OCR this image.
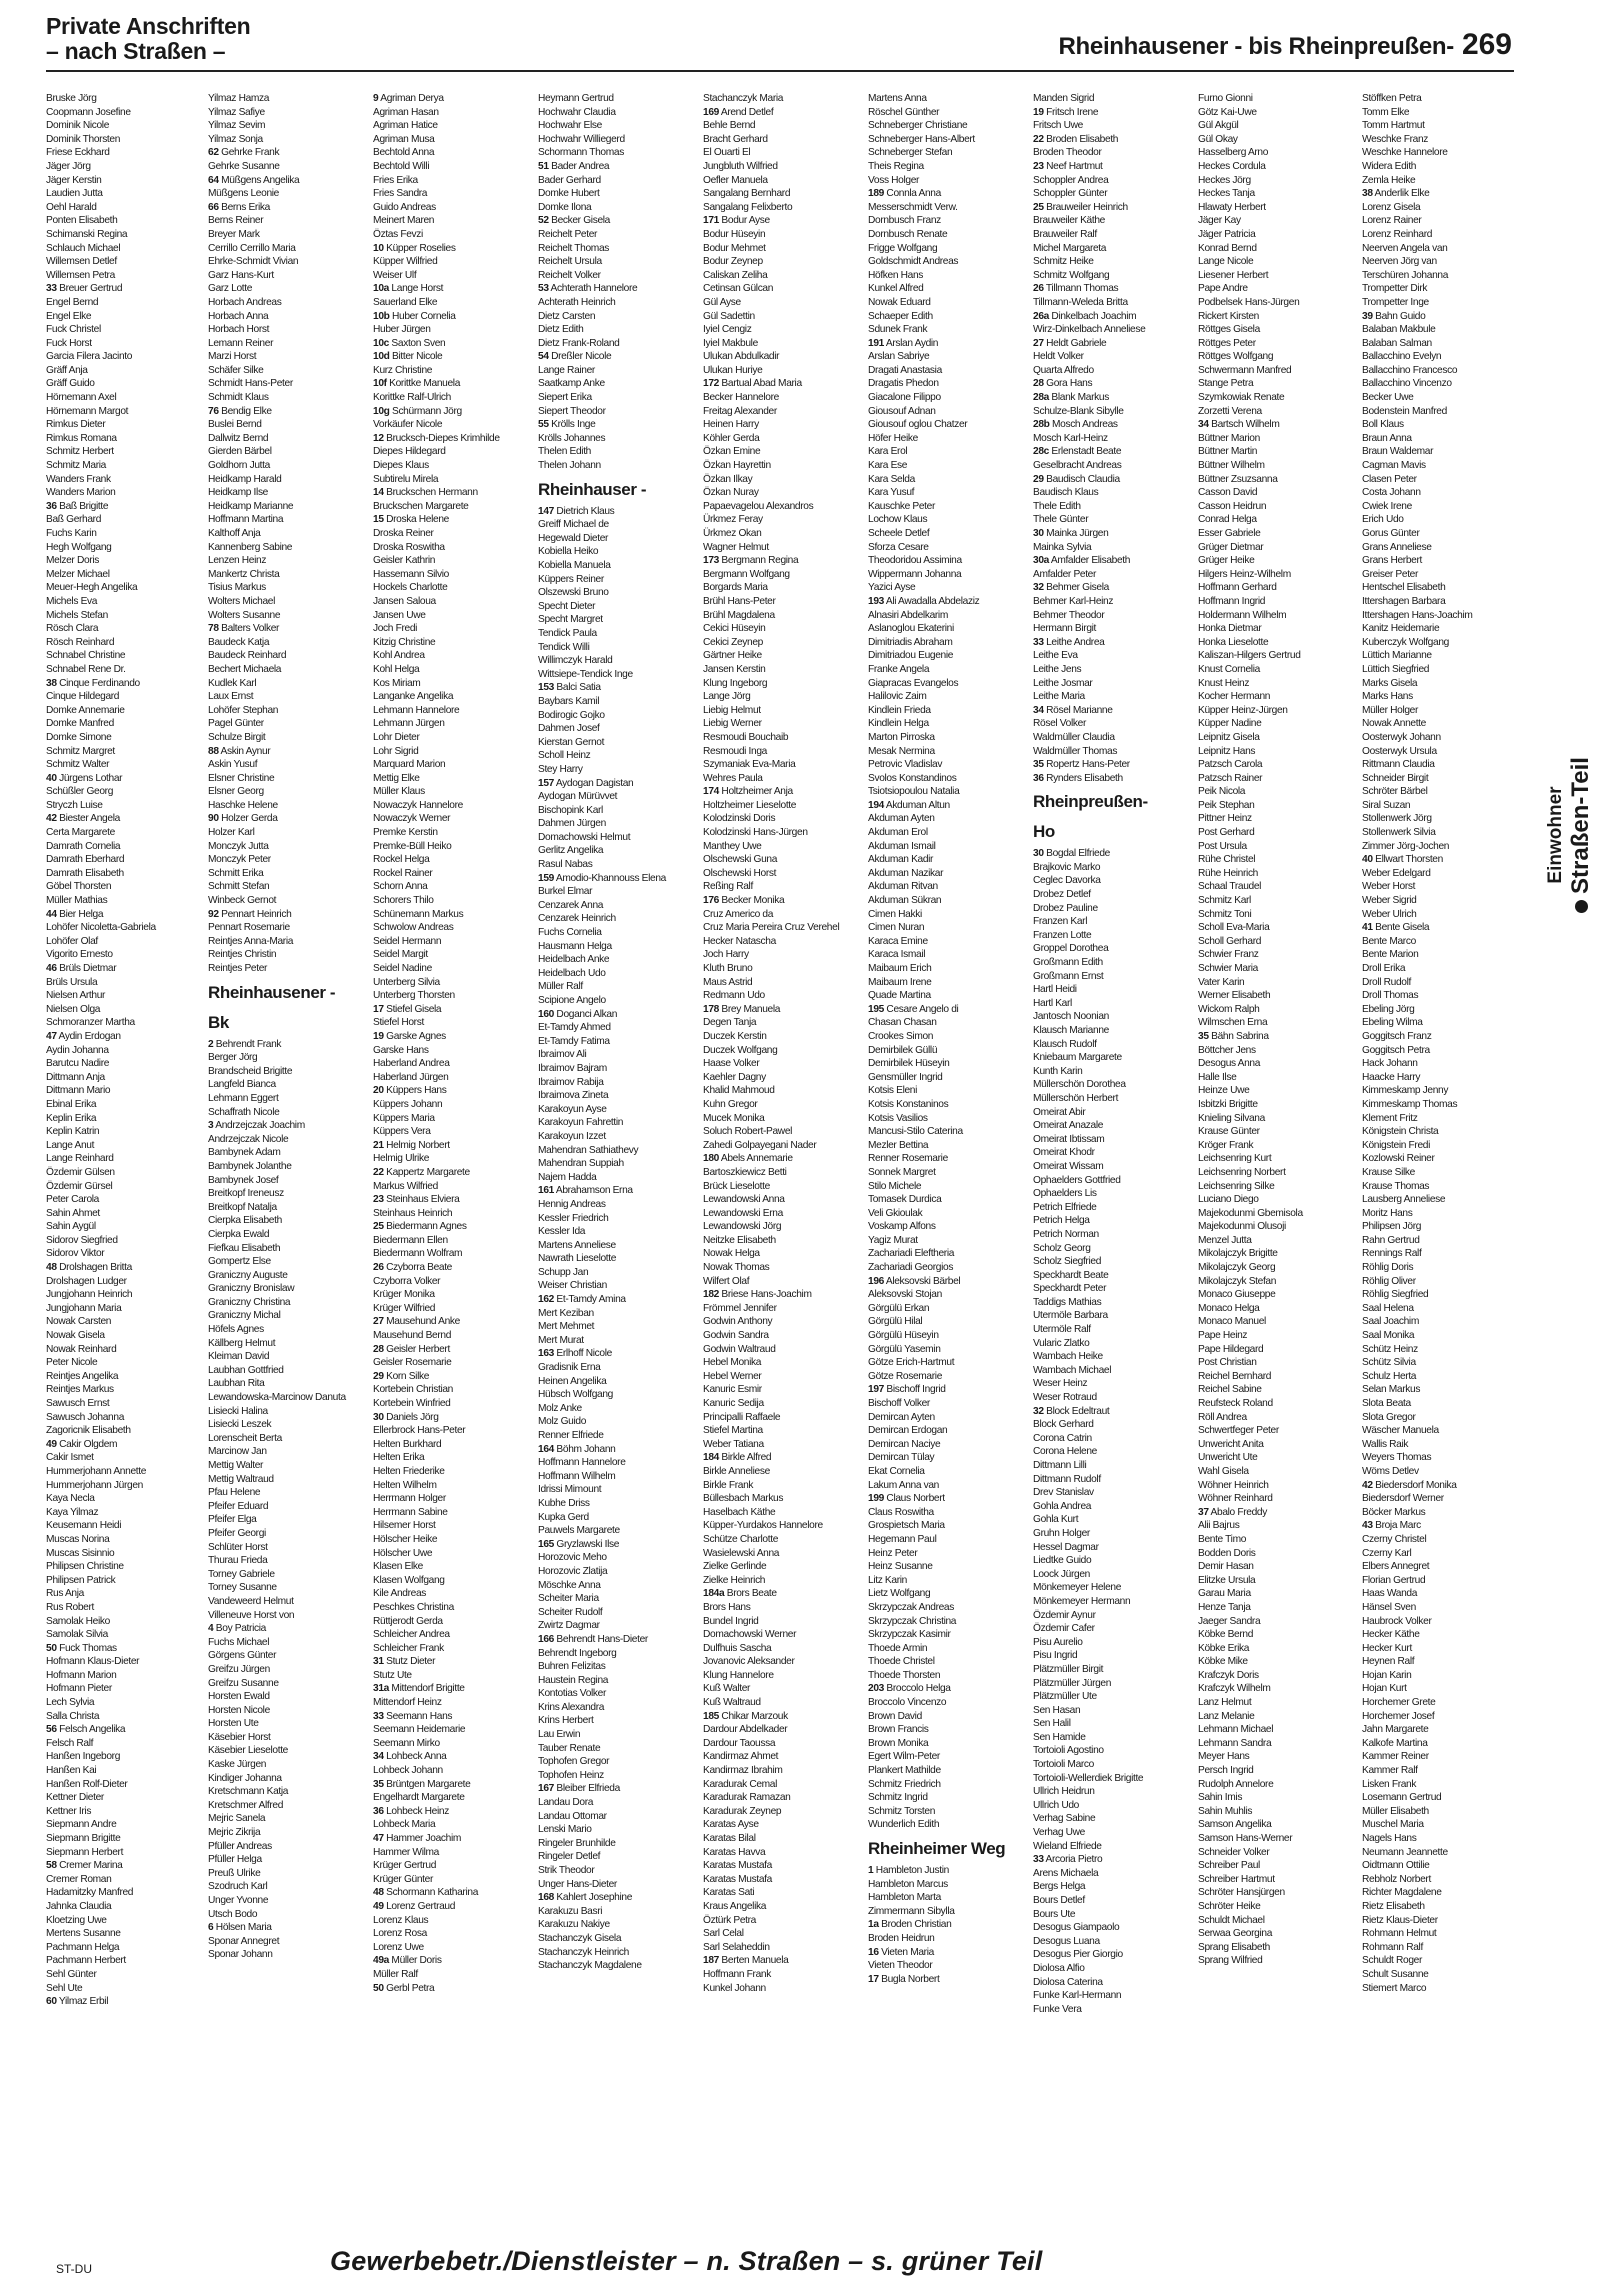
Private Anschriften
– nach Straßen –	Rheinhausener - bis Rheinpreußen- 269
Bruske Jörg
Coopmann Josefine
Dominik Nicole
Dominik Thorsten
Friese Eckhard
Jäger Jörg
Jäger Kerstin
Laudien Jutta
Oehl Harald
Ponten Elisabeth
Schimanski Regina
Schlauch Michael
Willemsen Detlef
Willemsen Petra
33 Breuer Gertrud
Engel Bernd
Engel Elke
Fuck Christel
Fuck Horst
Garcia Filera Jacinto
Gräff Anja
Gräff Guido
Hörnemann Axel
Hörnemann Margot
Rimkus Dieter
Rimkus Romana
Schmitz Herbert
Schmitz Maria
Wanders Frank
Wanders Marion
36 Baß Brigitte
Baß Gerhard
Fuchs Karin
Hegh Wolfgang
Melzer Doris
Melzer Michael
Meuer-Hegh Angelika
Michels Eva
Michels Stefan
Rösch Clara
Rösch Reinhard
Schnabel Christine
Schnabel Rene Dr.
38 Cinque Ferdinando
Cinque Hildegard
Domke Annemarie
Domke Manfred
Domke Simone
Schmitz Margret
Schmitz Walter
40 Jürgens Lothar
Schüßler Georg
Stryczh Luise
42 Biester Angela
Certa Margarete
Damrath Cornelia
Damrath Eberhard
Damrath Elisabeth
Göbel Thorsten
Müller Mathias
44 Bier Helga
Lohöfer Nicoletta-Gabriela
Lohöfer Olaf
Vigorito Ernesto
46 Brüls Dietmar
Brüls Ursula
Nielsen Arthur
Nielsen Olga
Schmoranzer Martha
47 Aydin Erdogan
Aydin Johanna
Barutcu Nadire
Dittmann Anja
Dittmann Mario
Ebinal Erika
Keplin Erika
Keplin Katrin
Lange Anut
Lange Reinhard
Özdemir Gülsen
Özdemir Gürsel
Peter Carola
Sahin Ahmet
Sahin Aygül
Sidorov Siegfried
Sidorov Viktor
48 Drolshagen Britta
Drolshagen Ludger
Jungjohann Heinrich
Jungjohann Maria
Nowak Carsten
Nowak Gisela
Nowak Reinhard
Peter Nicole
Reintjes Angelika
Reintjes Markus
Sawusch Ernst
Sawusch Johanna
Zagoricnik Elisabeth
49 Cakir Olgdem
Cakir Ismet
Hummerjohann Annette
Hummerjohann Jürgen
Kaya Necla
Kaya Yilmaz
Keusemann Heidi
Muscas Norina
Muscas Sisinnio
Philipsen Christine
Philipsen Patrick
Rus Anja
Rus Robert
Samolak Heiko
Samolak Silvia
50 Fuck Thomas
Hofmann Klaus-Dieter
Hofmann Marion
Hofmann Pieter
Lech Sylvia
Salla Christa
56 Felsch Angelika
Felsch Ralf
Hanßen Ingeborg
Hanßen Kai
Hanßen Rolf-Dieter
Kettner Dieter
Kettner Iris
Siepmann Andre
Siepmann Brigitte
Siepmann Herbert
58 Cremer Marina
Cremer Roman
Hadamitzky Manfred
Jahnka Claudia
Kloetzing Uwe
Mertens Susanne
Pachmann Helga
Pachmann Herbert
Sehl Günter
Sehl Ute
60 Yilmaz Erbil
Yilmaz Hamza
Yilmaz Safiye
Yilmaz Sevim
Yilmaz Sonja
62 Gehrke Frank
Gehrke Susanne
64 Müßgens Angelika
Müßgens Leonie
66 Berns Erika
Berns Reiner
Breyer Mark
Cerrillo Cerrillo Maria
Ehrke-Schmidt Vivian
Garz Hans-Kurt
Garz Lotte
Horbach Andreas
Horbach Anna
Horbach Horst
Lemann Reiner
Marzi Horst
Schäfer Silke
Schmidt Hans-Peter
Schmidt Klaus
76 Bendig Elke
Buslei Bernd
Dallwitz Bernd
Gierden Bärbel
Goldhorn Jutta
Heidkamp Harald
Heidkamp Ilse
Heidkamp Marianne
Hoffmann Martina
Kalthoff Anja
Kannenberg Sabine
Lenzen Heinz
Mankertz Christa
Tisius Markus
Wolters Michael
Wolters Susanne
78 Balters Volker
Baudeck Katja
Baudeck Reinhard
Bechert Michaela
Kudlek Karl
Laux Ernst
Lohöfer Stephan
Pagel Günter
Schulze Birgit
88 Askin Aynur
Askin Yusuf
Elsner Christine
Elsner Georg
Haschke Helene
90 Holzer Gerda
Holzer Karl
Monczyk Jutta
Monczyk Peter
Schmitt Erika
Schmitt Stefan
Winbeck Gernot
92 Pennart Heinrich
Pennart Rosemarie
Reintjes Anna-Maria
Reintjes Christin
Reintjes Peter
Rheinhausener -
Bk
2 Behrendt Frank
Berger Jörg
Brandscheid Brigitte
Langfeld Bianca
Lehmann Eggert
Schaffrath Nicole
3 Andrzejczak Joachim
Andrzejczak Nicole
Bambynek Adam
Bambynek Jolanthe
Bambynek Josef
Breitkopf Ireneusz
Breitkopf Natalja
Cierpka Elisabeth
Cierpka Ewald
Fiefkau Elisabeth
Gompertz Else
Graniczny Auguste
Graniczny Bronislaw
Graniczny Christina
Graniczny Michal
Höfels Agnes
Källberg Helmut
Kleiman David
Laubhan Gottfried
Laubhan Rita
Lewandowska-Marcinow Danuta
Lisiecki Halina
Lisiecki Leszek
Lorenscheit Berta
Marcinow Jan
Mettig Walter
Mettig Waltraud
Pfau Helene
Pfeifer Eduard
Pfeifer Elga
Pfeifer Georgi
Schlüter Horst
Thurau Frieda
Torney Gabriele
Torney Susanne
Vandeweerd Helmut
Villeneuve Horst von
4 Boy Patricia
Fuchs Michael
Görgens Günter
Greifzu Jürgen
Greifzu Susanne
Horsten Ewald
Horsten Nicole
Horsten Ute
Käsebier Horst
Käsebier Lieselotte
Kaske Jürgen
Kindiger Johanna
Kretschmann Katja
Kretschmer Alfred
Mejric Sanela
Mejric Zikrija
Pfüller Andreas
Pfüller Helga
Preuß Ulrike
Szodruch Karl
Unger Yvonne
Utsch Bodo
6 Hölsen Maria
Sponar Annegret
Sponar Johann
9 Agriman Derya
Agriman Hasan
Agriman Hatice
Agriman Musa
Bechtold Anna
Bechtold Willi
Fries Erika
Fries Sandra
Guido Andreas
Meinert Maren
Öztas Fevzi
10 Küpper Roselies
Küpper Wilfried
Weiser Ulf
10a Lange Horst
Sauerland Elke
10b Huber Cornelia
Huber Jürgen
10c Saxton Sven
10d Bitter Nicole
Kurz Christine
10f Korittke Manuela
Korittke Ralf-Ulrich
10g Schürmann Jörg
Vorkäufer Nicole
12 Brucksch-Diepes Krimhilde
Diepes Hildegard
Diepes Klaus
Subtirelu Mirela
14 Bruckschen Hermann
Bruckschen Margarete
15 Droska Helene
Droska Reiner
Droska Roswitha
Geisler Kathrin
Hassemann Silvio
Hockels Charlotte
Jansen Saloua
Jansen Uwe
Joch Fredi
Kitzig Christine
Kohl Andrea
Kohl Helga
Kos Miriam
Langanke Angelika
Lehmann Hannelore
Lehmann Jürgen
Lohr Dieter
Lohr Sigrid
Marquard Marion
Mettig Elke
Müller Klaus
Nowaczyk Hannelore
Nowaczyk Werner
Premke Kerstin
Premke-Büll Heiko
Rockel Helga
Rockel Rainer
Schorn Anna
Schorers Thilo
Schünemann Markus
Schwolow Andreas
Seidel Hermann
Seidel Margit
Seidel Nadine
Unterberg Silvia
Unterberg Thorsten
17 Stiefel Gisela
Stiefel Horst
19 Garske Agnes
Garske Hans
Haberland Andrea
Haberland Jürgen
20 Küppers Hans
Küppers Johann
Küppers Maria
Küppers Vera
21 Helmig Norbert
Helmig Ulrike
22 Kappertz Margarete
Markus Wilfried
23 Steinhaus Elviera
Steinhaus Heinrich
25 Biedermann Agnes
Biedermann Ellen
Biedermann Wolfram
26 Czyborra Beate
Czyborra Volker
Krüger Monika
Krüger Wilfried
27 Mausehund Anke
Mausehund Bernd
28 Geisler Herbert
Geisler Rosemarie
29 Korn Silke
Kortebein Christian
Kortebein Winfried
30 Daniels Jörg
Ellerbrock Hans-Peter
Helten Burkhard
Helten Erika
Helten Friederike
Helten Wilhelm
Herrmann Holger
Herrmann Sabine
Hilsemer Horst
Hölscher Heike
Hölscher Uwe
Klasen Elke
Klasen Wolfgang
Kile Andreas
Peschkes Christina
Rüttjerodt Gerda
Schleicher Andrea
Schleicher Frank
31 Stutz Dieter
Stutz Ute
31a Mittendorf Brigitte
Mittendorf Heinz
33 Seemann Hans
Seemann Heidemarie
Seemann Mirko
34 Lohbeck Anna
Lohbeck Johann
35 Brüntgen Margarete
Engelhardt Margarete
36 Lohbeck Heinz
Lohbeck Maria
47 Hammer Joachim
Hammer Wilma
Krüger Gertrud
Krüger Günter
48 Schormann Katharina
49 Lorenz Gertraud
Lorenz Klaus
Lorenz Rosa
Lorenz Uwe
49a Müller Doris
Müller Ralf
50 Gerbl Petra
Heymann Gertrud
Hochwahr Claudia
Hochwahr Else
Hochwahr Williegerd
Schormann Thomas
51 Bader Andrea
Bader Gerhard
Domke Hubert
Domke Ilona
52 Becker Gisela
Reichelt Peter
Reichelt Thomas
Reichelt Ursula
Reichelt Volker
53 Achterath Hannelore
Achterath Heinrich
Dietz Carsten
Dietz Edith
Dietz Frank-Roland
54 Dreßler Nicole
Lange Rainer
Saatkamp Anke
Siepert Erika
Siepert Theodor
55 Krölls Inge
Krölls Johannes
Thelen Edith
Thelen Johann
Rheinhauser -
147 Dietrich Klaus
Greiff Michael de
Hegewald Dieter
Kobiella Heiko
Kobiella Manuela
Küppers Reiner
Olszewski Bruno
Specht Dieter
Specht Margret
Tendick Paula
Tendick Willi
Willimczyk Harald
Wittsiepe-Tendick Inge
153 Balci Satia
Baybars Kamil
Bodirogic Gojko
Dahmen Josef
Kierstan Gernot
Scholl Heinz
Stey Harry
157 Aydogan Dagistan
Aydogan Mürüvvet
Bischopink Karl
Dahmen Jürgen
Domachowski Helmut
Gerlitz Angelika
Rasul Nabas
159 Amodio-Khannouss Elena
Burkel Elmar
Cenzarek Anna
Cenzarek Heinrich
Fuchs Cornelia
Hausmann Helga
Heidelbach Anke
Heidelbach Udo
Müller Ralf
Scipione Angelo
160 Doganci Alkan
Et-Tamdy Ahmed
Et-Tamdy Fatima
Ibraimov Ali
Ibraimov Bajram
Ibraimov Rabija
Ibraimova Zineta
Karakoyun Ayse
Karakoyun Fahrettin
Karakoyun Izzet
Mahendran Sathiathevy
Mahendran Suppiah
Najem Hadda
161 Abrahamson Erna
Hennig Andreas
Kessler Friedrich
Kessler Ida
Martens Anneliese
Nawrath Lieselotte
Schupp Jan
Weiser Christian
162 Et-Tamdy Amina
Mert Keziban
Mert Mehmet
Mert Murat
163 Erlhoff Nicole
Gradisnik Erna
Heinen Angelika
Hübsch Wolfgang
Molz Anke
Molz Guido
Renner Elfriede
164 Böhm Johann
Hoffmann Hannelore
Hoffmann Wilhelm
Idrissi Mimount
Kubhe Driss
Kupka Gerd
Pauwels Margarete
165 Gryzlawski Ilse
Horozovic Meho
Horozovic Zlatija
Möschke Anna
Scheiter Maria
Scheiter Rudolf
Zwirtz Dagmar
166 Behrendt Hans-Dieter
Behrendt Ingeborg
Buhren Felizitas
Haustein Regina
Kontotias Volker
Krins Alexandra
Krins Herbert
Lau Erwin
Tauber Renate
Tophofen Gregor
Tophofen Heinz
167 Bleiber Elfrieda
Landau Dora
Landau Ottomar
Lenski Mario
Ringeler Brunhilde
Ringeler Detlef
Strik Theodor
Unger Hans-Dieter
168 Kahlert Josephine
Karakuzu Basri
Karakuzu Nakiye
Stachanczyk Gisela
Stachanczyk Heinrich
Stachanczyk Magdalene
Stachanczyk Maria
169 Arend Detlef
Behle Bernd
Bracht Gerhard
El Ouarti El
Jungbluth Wilfried
Oefler Manuela
Sangalang Bernhard
Sangalang Felixberto
171 Bodur Ayse
Bodur Hüseyin
Bodur Mehmet
Bodur Zeynep
Caliskan Zeliha
Cetinsan Gülcan
Gül Ayse
Gül Sadettin
Iyiel Cengiz
Iyiel Makbule
Ulukan Abdulkadir
Ulukan Huriye
172 Bartual Abad Maria
Becker Hannelore
Freitag Alexander
Heinen Harry
Köhler Gerda
Özkan Emine
Özkan Hayrettin
Özkan Ilkay
Özkan Nuray
Papaevagelou Alexandros
Ürkmez Feray
Ürkmez Okan
Wagner Helmut
173 Bergmann Regina
Bergmann Wolfgang
Borgards Maria
Brühl Hans-Peter
Brühl Magdalena
Cekici Hüseyin
Cekici Zeynep
Gärtner Heike
Jansen Kerstin
Klung Ingeborg
Lange Jörg
Liebig Helmut
Liebig Werner
Resmoudi Bouchaib
Resmoudi Inga
Szymaniak Eva-Maria
Wehres Paula
174 Holtzheimer Anja
Holtzheimer Lieselotte
Kolodzinski Doris
Kolodzinski Hans-Jürgen
Manthey Uwe
Olschewski Guna
Olschewski Horst
Reßing Ralf
176 Becker Monika
Cruz Americo da
Cruz Maria Pereira Cruz Verehel
Hecker Natascha
Joch Harry
Kluth Bruno
Maus Astrid
Redmann Udo
178 Brey Manuela
Degen Tanja
Duczek Kerstin
Duczek Wolfgang
Haase Volker
Kaehler Dagny
Khalid Mahmoud
Kuhn Gregor
Mucek Monika
Soluch Robert-Pawel
Zahedi Golpayegani Nader
180 Abels Annemarie
Bartoszkiewicz Betti
Brück Lieselotte
Lewandowski Anna
Lewandowski Erna
Lewandowski Jörg
Neitzke Elisabeth
Nowak Helga
Nowak Thomas
Wilfert Olaf
182 Briese Hans-Joachim
Frömmel Jennifer
Godwin Anthony
Godwin Sandra
Godwin Waltraud
Hebel Monika
Hebel Werner
Kanuric Esmir
Kanuric Sedija
Principalli Raffaele
Stiefel Martina
Weber Tatiana
184 Birkle Alfred
Birkle Anneliese
Birkle Frank
Büllesbach Markus
Haselbach Käthe
Küpper-Yurdakos Hannelore
Schütze Charlotte
Wasielewski Anna
Zielke Gerlinde
Zielke Heinrich
184a Brors Beate
Brors Hans
Bundel Ingrid
Domachowski Werner
Dulfhuis Sascha
Jovanovic Aleksander
Klung Hannelore
Kuß Walter
Kuß Waltraud
185 Chikar Marzouk
Dardour Abdelkader
Dardour Taoussa
Kandirmaz Ahmet
Kandirmaz Ibrahim
Karadurak Cemal
Karadurak Ramazan
Karadurak Zeynep
Karatas Ayse
Karatas Bilal
Karatas Havva
Karatas Mustafa
Karatas Mustafa
Karatas Sati
Kraus Angelika
Öztürk Petra
Sarl Celal
Sarl Selaheddin
187 Berten Manuela
Hoffmann Frank
Kunkel Johann
Martens Anna
Röschel Günther
Schneberger Christiane
Schneberger Hans-Albert
Schneberger Stefan
Theis Regina
Voss Holger
189 Connla Anna
Messerschmidt Verw.
Dornbusch Franz
Dornbusch Renate
Frigge Wolfgang
Goldschmidt Andreas
Höfken Hans
Kunkel Alfred
Nowak Eduard
Schaeper Edith
Sdunek Frank
191 Arslan Aydin
Arslan Sabriye
Dragati Anastasia
Dragatis Phedon
Giacalone Filippo
Giousouf Adnan
Giousouf oglou Chatzer
Höfer Heike
Kara Erol
Kara Ese
Kara Selda
Kara Yusuf
Kauschke Peter
Lochow Klaus
Scheele Detlef
Sforza Cesare
Theodoridou Assimina
Wippermann Johanna
Yazici Ayse
193 Ali Awadalla Abdelaziz
Alnasiri Abdelkarim
Aslanoglou Ekaterini
Dimitriadis Abraham
Dimitriadou Eugenie
Franke Angela
Giapracas Evangelos
Halilovic Zaim
Kindlein Frieda
Kindlein Helga
Marton Pirroska
Mesak Nermina
Petrovic Vladislav
Svolos Konstandinos
Tsiotsiopoulou Natalia
194 Akduman Altun
Akduman Ayten
Akduman Erol
Akduman Ismail
Akduman Kadir
Akduman Nazikar
Akduman Ritvan
Akduman Sükran
Cimen Hakki
Cimen Nuran
Karaca Emine
Karaca Ismail
Maibaum Erich
Maibaum Irene
Quade Martina
195 Cesare Angelo di
Chasan Chasan
Crookes Simon
Demirbilek Güllü
Demirbilek Hüseyin
Gensmüller Ingrid
Kotsis Eleni
Kotsis Konstaninos
Kotsis Vasilios
Mancusi-Stilo Caterina
Mezler Bettina
Renner Rosemarie
Sonnek Margret
Stilo Michele
Tomasek Durdica
Veli Gkioulak
Voskamp Alfons
Yagiz Murat
Zachariadi Eleftheria
Zachariadi Georgios
196 Aleksovski Bärbel
Aleksovski Stojan
Görgülü Erkan
Görgülü Hilal
Görgülü Hüseyin
Görgülü Yasemin
Götze Erich-Hartmut
Götze Rosemarie
197 Bischoff Ingrid
Bischoff Volker
Demircan Ayten
Demircan Erdogan
Demircan Naciye
Demircan Tülay
Ekat Cornelia
Lakum Anna van
199 Claus Norbert
Claus Roswitha
Grospietsch Maria
Hegemann Paul
Heinz Peter
Heinz Susanne
Litz Karin
Lietz Wolfgang
Skrzypczak Andreas
Skrzypczak Christina
Skrzypczak Kasimir
Thoede Armin
Thoede Christel
Thoede Thorsten
203 Broccolo Helga
Broccolo Vincenzo
Brown David
Brown Francis
Brown Monika
Egert Wilm-Peter
Plankert Mathilde
Schmitz Friedrich
Schmitz Ingrid
Schmitz Torsten
Wunderlich Edith
Rheinheimer Weg
1 Hambleton Justin
Hambleton Marcus
Hambleton Marta
Zimmermann Sibylla
1a Broden Christian
Broden Heidrun
16 Vieten Maria
Vieten Theodor
17 Bugla Norbert
Manden Sigrid
19 Fritsch Irene
Fritsch Uwe
22 Broden Elisabeth
Broden Theodor
23 Neef Hartmut
Schoppler Andrea
Schoppler Günter
25 Brauweiler Heinrich
Brauweiler Käthe
Brauweiler Ralf
Michel Margareta
Schmitz Heike
Schmitz Wolfgang
26 Tillmann Thomas
Tillmann-Weleda Britta
26a Dinkelbach Joachim
Wirz-Dinkelbach Anneliese
27 Heldt Gabriele
Heldt Volker
Quarta Alfredo
28 Gora Hans
28a Blank Markus
Schulze-Blank Sibylle
28b Mosch Andreas
Mosch Karl-Heinz
28c Erlenstadt Beate
Geselbracht Andreas
29 Baudisch Claudia
Baudisch Klaus
Thele Edith
Thele Günter
30 Mainka Jürgen
Mainka Sylvia
30a Amfalder Elisabeth
Amfalder Peter
32 Behmer Gisela
Behmer Karl-Heinz
Behmer Theodor
Hermann Birgit
33 Leithe Andrea
Leithe Eva
Leithe Jens
Leithe Josmar
Leithe Maria
34 Rösel Marianne
Rösel Volker
Waldmüller Claudia
Waldmüller Thomas
35 Ropertz Hans-Peter
36 Rynders Elisabeth
Rheinpreußen-
Ho
30 Bogdal Elfriede
Brajkovic Marko
Ceglec Davorka
Drobez Detlef
Drobez Pauline
Franzen Karl
Franzen Lotte
Groppel Dorothea
Großmann Edith
Großmann Ernst
Hartl Heidi
Hartl Karl
Jantosch Noonian
Klausch Marianne
Klausch Rudolf
Kniebaum Margarete
Kunth Karin
Müllerschön Dorothea
Müllerschön Herbert
Omeirat Abir
Omeirat Anazale
Omeirat Ibtissam
Omeirat Khodr
Omeirat Wissam
Ophaelders Gottfried
Ophaelders Lis
Petrich Elfriede
Petrich Helga
Petrich Norman
Scholz Georg
Scholz Siegfried
Speckhardt Beate
Speckhardt Peter
Taddigs Mathias
Utermöle Barbara
Utermöle Ralf
Vularic Zlatko
Wambach Heike
Wambach Michael
Weser Heinz
Weser Rotraud
32 Block Edeltraut
Block Gerhard
Corona Catrin
Corona Helene
Dittmann Lilli
Dittmann Rudolf
Drev Stanislav
Gohla Andrea
Gohla Kurt
Gruhn Holger
Hessel Dagmar
Liedtke Guido
Loock Jürgen
Mönkemeyer Helene
Mönkemeyer Hermann
Özdemir Aynur
Özdemir Cafer
Pisu Aurelio
Pisu Ingrid
Plätzmüller Birgit
Plätzmüller Jürgen
Plätzmüller Ute
Sen Hasan
Sen Halil
Sen Hamide
Tortoioli Agostino
Tortoioli Marco
Tortoioli-Wellerdiek Brigitte
Ullrich Heidrun
Ullrich Udo
Verhag Sabine
Verhag Uwe
Wieland Elfriede
33 Arcoria Pietro
Arens Michaela
Bergs Helga
Bours Detlef
Bours Ute
Desogus Giampaolo
Desogus Luana
Desogus Pier Giorgio
Diolosa Alfio
Diolosa Caterina
Funke Karl-Hermann
Funke Vera
Furno Gionni
Götz Kai-Uwe
Gül Akgül
Gül Okay
Hasselberg Arno
Heckes Cordula
Heckes Jörg
Heckes Tanja
Hlawaty Herbert
Jäger Kay
Jäger Patricia
Konrad Bernd
Lange Nicole
Liesener Herbert
Pape Andre
Podbelsek Hans-Jürgen
Rickert Kirsten
Röttges Gisela
Röttges Peter
Röttges Wolfgang
Schwermann Manfred
Stange Petra
Szymkowiak Renate
Zorzetti Verena
34 Bartsch Wilhelm
Büttner Marion
Büttner Martin
Büttner Wilhelm
Büttner Zsuzsanna
Casson David
Casson Heidrun
Conrad Helga
Esser Gabriele
Grüger Dietmar
Grüger Heike
Hilgers Heinz-Wilhelm
Hoffmann Gerhard
Hoffmann Ingrid
Holdermann Wilhelm
Honka Dietmar
Honka Lieselotte
Kaliszan-Hilgers Gertrud
Knust Cornelia
Knust Heinz
Kocher Hermann
Küpper Heinz-Jürgen
Küpper Nadine
Leipnitz Gisela
Leipnitz Hans
Patzsch Carola
Patzsch Rainer
Peik Nicola
Peik Stephan
Pittner Heinz
Post Gerhard
Post Ursula
Rühe Christel
Rühe Heinrich
Schaal Traudel
Schmitz Karl
Schmitz Toni
Scholl Eva-Maria
Scholl Gerhard
Schwier Franz
Schwier Maria
Vater Karin
Werner Elisabeth
Wickom Ralph
Wilmschen Erna
35 Bähn Sabrina
Böttcher Jens
Desogus Anna
Halle Ilse
Heinze Uwe
Isbitzki Brigitte
Knieling Silvana
Krause Günter
Kröger Frank
Leichsenring Kurt
Leichsenring Norbert
Leichsenring Silke
Luciano Diego
Majekodunmi Gbemisola
Majekodunmi Olusoji
Menzel Jutta
Mikolajczyk Brigitte
Mikolajczyk Georg
Mikolajczyk Stefan
Monaco Giuseppe
Monaco Helga
Monaco Manuel
Pape Heinz
Pape Hildegard
Post Christian
Reichel Bernhard
Reichel Sabine
Reufsteck Roland
Röll Andrea
Schwertfeger Peter
Unwericht Anita
Unwericht Ute
Wahl Gisela
Wöhner Heinrich
Wöhner Reinhard
37 Abalo Freddy
Alii Bajrus
Bente Timo
Bodden Doris
Demir Hasan
Elitzke Ursula
Garau Maria
Henze Tanja
Jaeger Sandra
Köbke Bernd
Köbke Erika
Köbke Mike
Krafczyk Doris
Krafczyk Wilhelm
Lanz Helmut
Lanz Melanie
Lehmann Michael
Lehmann Sandra
Meyer Hans
Persch Ingrid
Rudolph Annelore
Sahin Imis
Sahin Muhlis
Samson Angelika
Samson Hans-Werner
Schneider Volker
Schreiber Paul
Schreiber Hartmut
Schröter Hansjürgen
Schröter Heike
Schuldt Michael
Serwaa Georgina
Sprang Elisabeth
Sprang Wilfried
Stöffken Petra
Tomm Elke
Tomm Hartmut
Weschke Franz
Weschke Hannelore
Widera Edith
Zemla Heike
38 Anderlik Elke
Lorenz Gisela
Lorenz Rainer
Lorenz Reinhard
Neerven Angela van
Neerven Jörg van
Terschüren Johanna
Trompetter Dirk
Trompetter Inge
39 Bahn Guido
Balaban Makbule
Balaban Salman
Ballacchino Evelyn
Ballacchino Francesco
Ballacchino Vincenzo
Becker Uwe
Bodenstein Manfred
Boll Klaus
Braun Anna
Braun Waldemar
Cagman Mavis
Clasen Peter
Costa Johann
Cwiek Irene
Erich Udo
Gorus Günter
Grans Anneliese
Grans Herbert
Greiser Peter
Hentschel Elisabeth
Ittershagen Barbara
Ittershagen Hans-Joachim
Kanitz Heidemarie
Kuberczyk Wolfgang
Lüttich Marianne
Lüttich Siegfried
Marks Gisela
Marks Hans
Müller Holger
Nowak Annette
Oosterwyk Johann
Oosterwyk Ursula
Rittmann Claudia
Schneider Birgit
Schröter Bärbel
Siral Suzan
Stollenwerk Jörg
Stollenwerk Silvia
Zimmer Jörg-Jochen
40 Ellwart Thorsten
Weber Edelgard
Weber Horst
Weber Sigrid
Weber Ulrich
41 Bente Gisela
Bente Marco
Bente Marion
Droll Erika
Droll Rudolf
Droll Thomas
Ebeling Jörg
Ebeling Wilma
Goggitsch Franz
Goggitsch Petra
Hack Johann
Haacke Harry
Kimmeskamp Jenny
Kimmeskamp Thomas
Klement Fritz
Königstein Christa
Königstein Fredi
Kozlowski Reiner
Krause Silke
Krause Thomas
Lausberg Anneliese
Moritz Hans
Philipsen Jörg
Rahn Gertrud
Rennings Ralf
Röhlig Doris
Röhlig Oliver
Röhlig Siegfried
Saal Helena
Saal Joachim
Saal Monika
Schütz Heinz
Schütz Silvia
Schulz Herta
Selan Markus
Slota Beata
Slota Gregor
Wäscher Manuela
Wallis Raik
Weyers Thomas
Wöms Detlev
42 Biedersdorf Monika
Biedersdorf Werner
Böcker Markus
43 Broja Marc
Czerny Christel
Czerny Karl
Elbers Annegret
Florian Gertrud
Haas Wanda
Hänsel Sven
Haubrock Volker
Hecker Käthe
Hecker Kurt
Heynen Ralf
Hojan Karin
Hojan Kurt
Horchemer Grete
Horchemer Josef
Jahn Margarete
Kalkofe Martina
Kammer Reiner
Kammer Ralf
Lisken Frank
Losemann Gertrud
Müller Elisabeth
Muschel Maria
Nagels Hans
Neumann Jeannette
Oidtmann Ottilie
Rebholz Norbert
Richter Magdalene
Rietz Elisabeth
Rietz Klaus-Dieter
Rohmann Helmut
Rohmann Ralf
Schuldt Roger
Schult Susanne
Stiemert Marco
Einwohner Straßen-Teil
ST-DU	Gewerbebetr./Dienstleister – n. Straßen – s. grüner Teil
